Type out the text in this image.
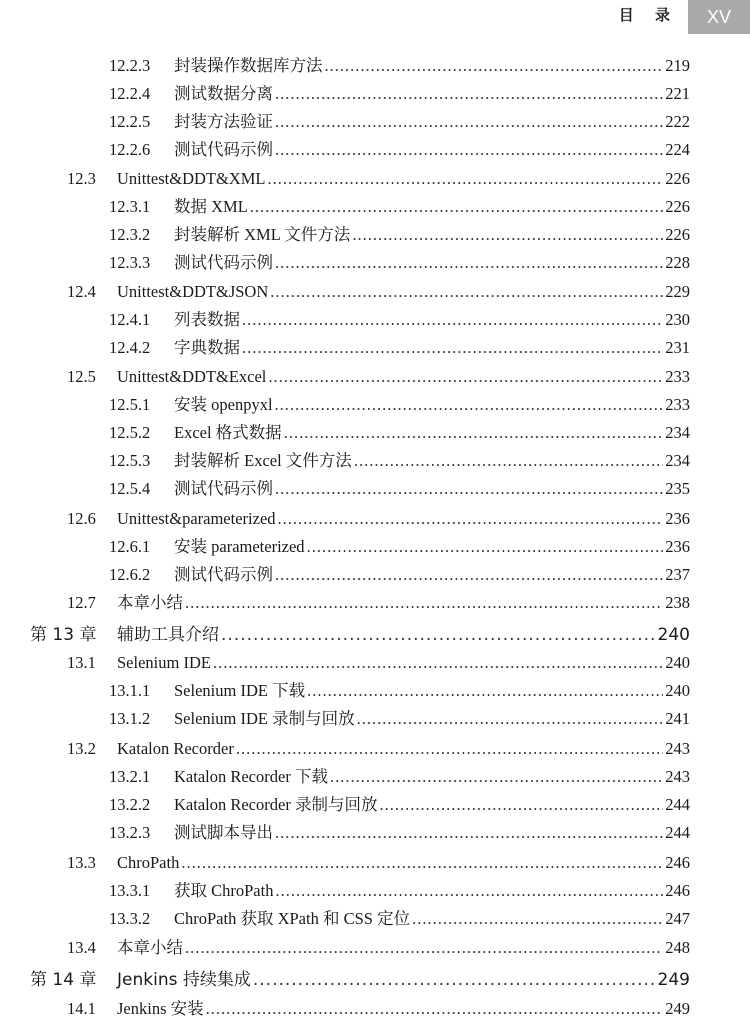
目 录	XV
12.2.3	封装操作数据库方法 .....	219
12.2.4	测试数据分离 .....	221
12.2.5	封装方法验证 .....	222
12.2.6	测试代码示例 .....	224
12.3	Unittest&DDT&XML .....	226
12.3.1	数据 XML .....	226
12.3.2	封装解析 XML 文件方法 .....	226
12.3.3	测试代码示例 .....	228
12.4	Unittest&DDT&JSON .....	229
12.4.1	列表数据 .....	230
12.4.2	字典数据 .....	231
12.5	Unittest&DDT&Excel .....	233
12.5.1	安装 openpyxl .....	233
12.5.2	Excel 格式数据 .....	234
12.5.3	封装解析 Excel 文件方法 .....	234
12.5.4	测试代码示例 .....	235
12.6	Unittest&parameterized .....	236
12.6.1	安装 parameterized .....	236
12.6.2	测试代码示例 .....	237
12.7	本章小结 .....	238
第 13 章	辅助工具介绍 .....	240
13.1	Selenium IDE .....	240
13.1.1	Selenium IDE 下载 .....	240
13.1.2	Selenium IDE 录制与回放 .....	241
13.2	Katalon Recorder .....	243
13.2.1	Katalon Recorder 下载 .....	243
13.2.2	Katalon Recorder 录制与回放 .....	244
13.2.3	测试脚本导出 .....	244
13.3	ChroPath .....	246
13.3.1	获取 ChroPath .....	246
13.3.2	ChroPath 获取 XPath 和 CSS 定位 .....	247
13.4	本章小结 .....	248
第 14 章	Jenkins 持续集成 .....	249
14.1	Jenkins 安装 .....	249
